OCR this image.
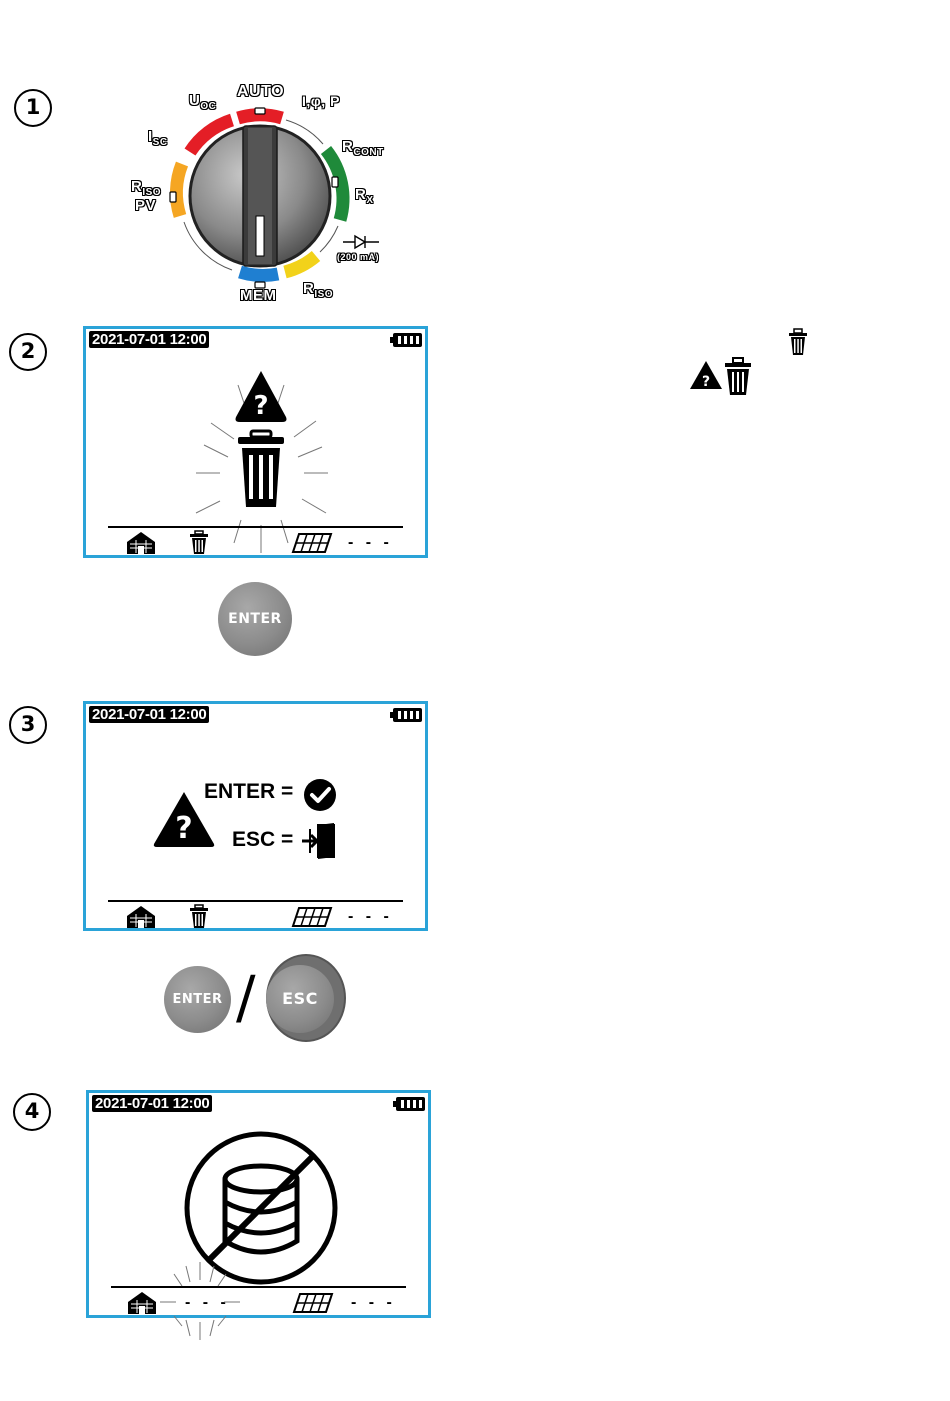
1
2
3
4
AUTO
$U_{OC}$
$I_{SC}$
I,φ, P
$R_{CONT}$
$R_X$
$R_{ISO}$
PV
(200 mA)
MEM $R_{ISO}$
2021-07-01 12:00
?
- - -
ENTER
?
2021-07-01 12:00
?
ENTER =
ESC =
- - -
ENTER /	ESC
2021-07-01 12:00
- - -	- - -
